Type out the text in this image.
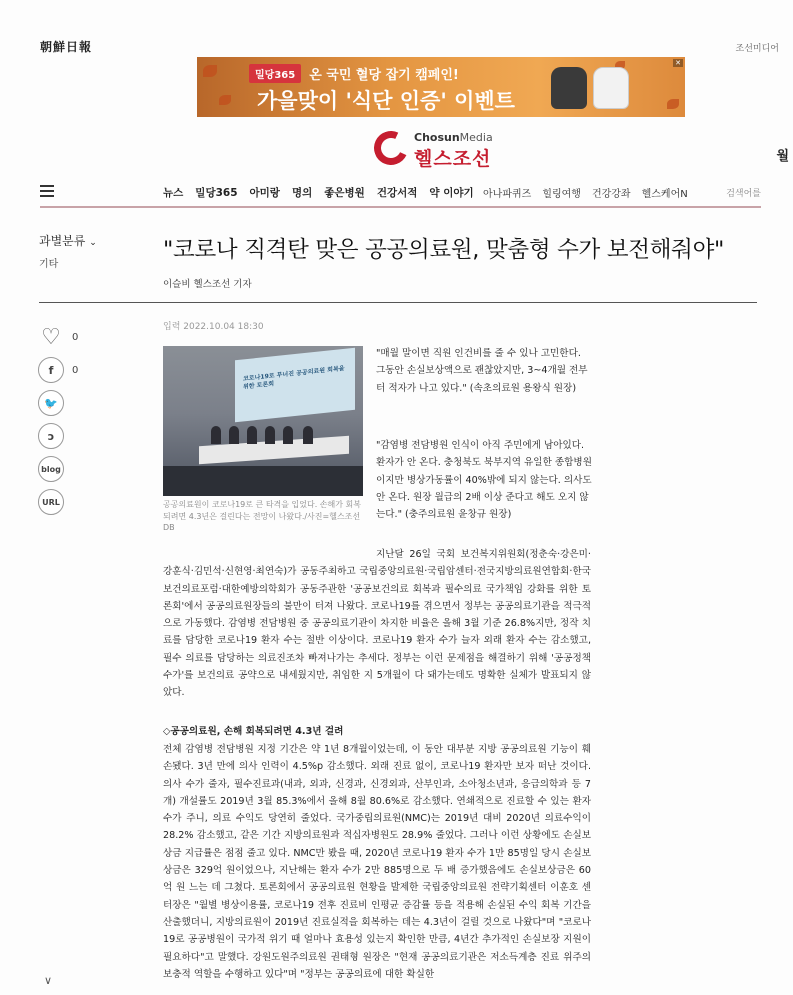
朝鮮日報	조선미디어
밀당365	온 국민 혈당 잡기 캠페인!
가을맞이 '식단 인증' 이벤트
✕
ChosunMedia
헬스조선	월
뉴스 밀당365 아미랑 명의 좋은병원 건강서적 약 이야기 아나파퀴즈 힐링여행 건강강좌 헬스케어N	검색어를
과별분류 ⌄
기타
"코로나 직격탄 맞은 공공의료원, 맞춤형 수가 보전해줘야"
이슬비 헬스조선 기자
♡	0
f	0
🐦
ɔ
blog
URL
입력 2022.10.04 18:30
코로나19로 무너진 공공의료원 회복을 위한 토론회
공공의료원이 코로나19로 큰 타격을 입었다. 손해가 회복되려면 4.3년은 걸린다는 전망이 나왔다./사진=헬스조선 DB
"매월 말이면 직원 인건비를 줄 수 있나 고민한다. 그동안 손실보상액으로 괜찮았지만, 3~4개월 전부터 적자가 나고 있다." (속초의료원 용왕식 원장)
"감염병 전담병원 인식이 아직 주민에게 남아있다. 환자가 안 온다. 충청북도 북부지역 유일한 종합병원이지만 병상가동률이 40%밖에 되지 않는다. 의사도 안 온다. 원장 월급의 2배 이상 준다고 해도 오지 않는다." (충주의료원 윤창규 원장)
지난달 26일 국회 보건복지위원회(정춘숙·강은미·강훈식·김민석·신현영·최연숙)가 공동주최하고 국립중앙의료원·국립암센터·전국지방의료원연합회·한국보건의료포럼·대한예방의학회가 공동주관한 '공공보건의료 회복과 필수의료 국가책임 강화를 위한 토론회'에서 공공의료원장들의 불만이 터져 나왔다. 코로나19를 겪으면서 정부는 공공의료기관을 적극적으로 가동했다. 감염병 전담병원 중 공공의료기관이 차지한 비율은 올해 3월 기준 26.8%지만, 정작 치료를 담당한 코로나19 환자 수는 절반 이상이다. 코로나19 환자 수가 늘자 외래 환자 수는 감소했고, 필수 의료를 담당하는 의료진조차 빠져나가는 추세다. 정부는 이런 문제점을 해결하기 위해 '공공정책수가'를 보건의료 공약으로 내세웠지만, 취임한 지 5개월이 다 돼가는데도 명확한 실체가 발표되지 않았다.
◇공공의료원, 손해 회복되려면 4.3년 걸려
전체 감염병 전담병원 지정 기간은 약 1년 8개월이었는데, 이 동안 대부분 지방 공공의료원 기능이 훼손됐다. 3년 만에 의사 인력이 4.5%p 감소했다. 외래 진료 없이, 코로나19 환자만 보자 떠난 것이다. 의사 수가 줄자, 필수진료과(내과, 외과, 신경과, 신경외과, 산부인과, 소아청소년과, 응급의학과 등 7개) 개설률도 2019년 3월 85.3%에서 올해 8월 80.6%로 감소했다. 연쇄적으로 진료할 수 있는 환자 수가 주니, 의료 수익도 당연히 줄었다. 국가중립의료원(NMC)는 2019년 대비 2020년 의료수익이 28.2% 감소했고, 같은 기간 지방의료원과 적십자병원도 28.9% 줄었다. 그러나 이런 상황에도 손실보상금 지급률은 점점 줄고 있다. NMC만 봤을 때, 2020년 코로나19 환자 수가 1만 85명일 당시 손실보상금은 329억 원이었으나, 지난해는 환자 수가 2만 885명으로 두 배 증가했음에도 손실보상금은 60억 원 느는 데 그쳤다. 토론회에서 공공의료원 현황을 발제한 국립중앙의료원 전략기획센터 이훈호 센터장은 "월별 병상이용률, 코로나19 전후 진료비 인평균 증감률 등을 적용해 손실된 수익 회복 기간을 산출했더니, 지방의료원이 2019년 진료실적을 회복하는 데는 4.3년이 걸릴 것으로 나왔다"며 "코로나19로 공공병원이 국가적 위기 때 얼마나 효용성 있는지 확인한 만큼, 4년간 추가적인 손실보장 지원이 필요하다"고 말했다. 강원도원주의료원 권태형 원장은 "현재 공공의료기관은 저소득계층 진료 위주의 보충적 역할을 수행하고 있다"며 "정부는 공공의료에 대한 확실한
∨
